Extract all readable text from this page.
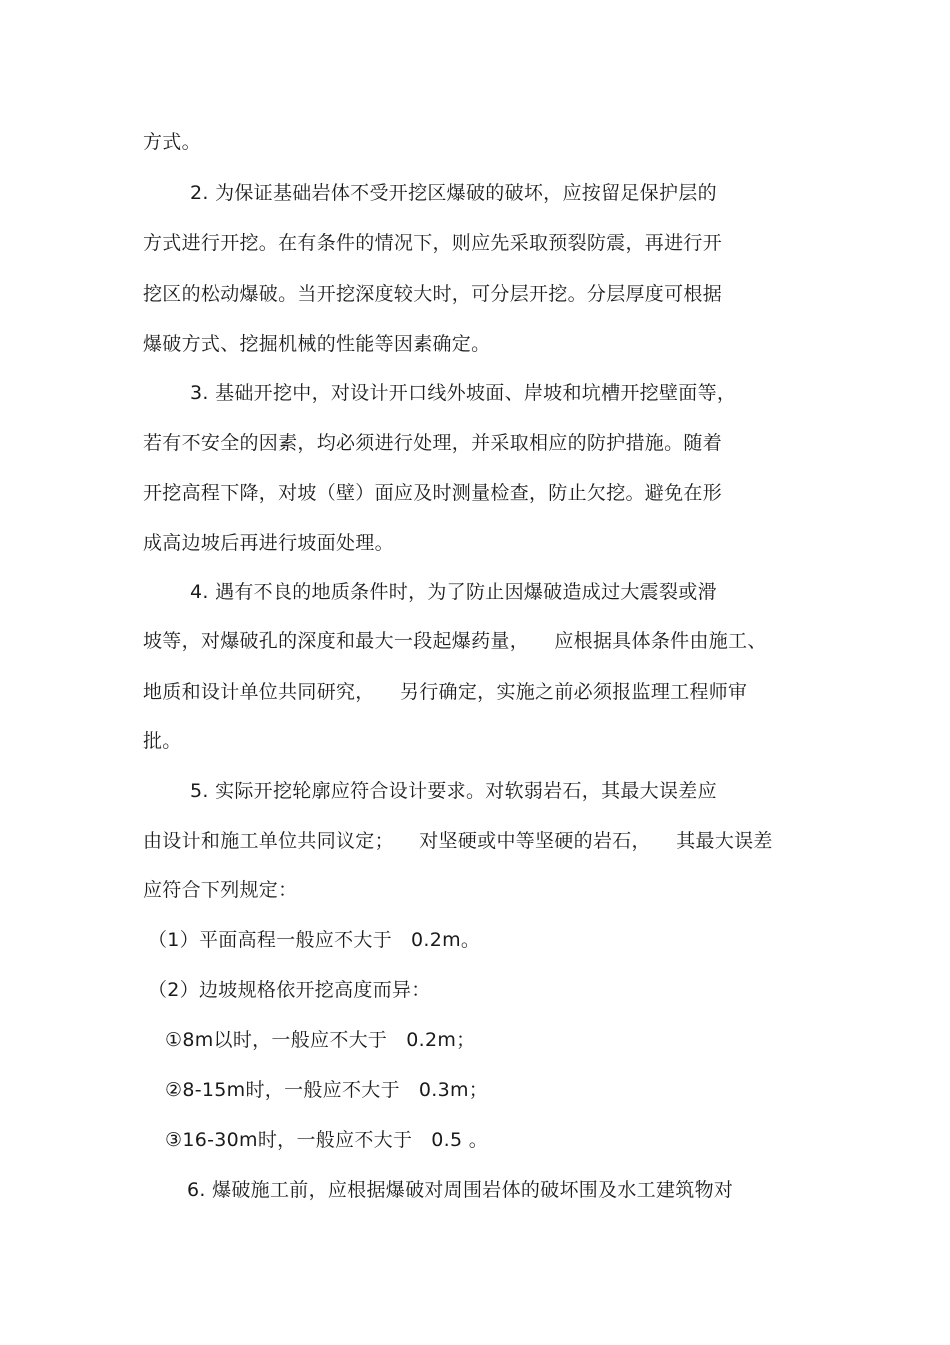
方式。
2. 为保证基础岩体不受开挖区爆破的破坏，应按留足保护层的
方式进行开挖。在有条件的情况下，则应先采取预裂防震，再进行开
挖区的松动爆破。当开挖深度较大时，可分层开挖。分层厚度可根据
爆破方式、挖掘机械的性能等因素确定。
3. 基础开挖中，对设计开口线外坡面、岸坡和坑槽开挖壁面等，
若有不安全的因素，均必须进行处理，并采取相应的防护措施。随着
开挖高程下降，对坡（壁）面应及时测量检查，防止欠挖。避免在形
成高边坡后再进行坡面处理。
4. 遇有不良的地质条件时，为了防止因爆破造成过大震裂或滑
坡等，对爆破孔的深度和最大一段起爆药量，    应根据具体条件由施工、
地质和设计单位共同研究，    另行确定，实施之前必须报监理工程师审
批。
5. 实际开挖轮廓应符合设计要求。对软弱岩石，其最大误差应
由设计和施工单位共同议定；    对坚硬或中等坚硬的岩石，    其最大误差
应符合下列规定：
（1）平面高程一般应不大于   0.2m。
（2）边坡规格依开挖高度而异：
①8m以时，一般应不大于   0.2m；
②8-15m时，一般应不大于   0.3m；
③16-30m时，一般应不大于   0.5 。
6. 爆破施工前，应根据爆破对周围岩体的破坏围及水工建筑物对
